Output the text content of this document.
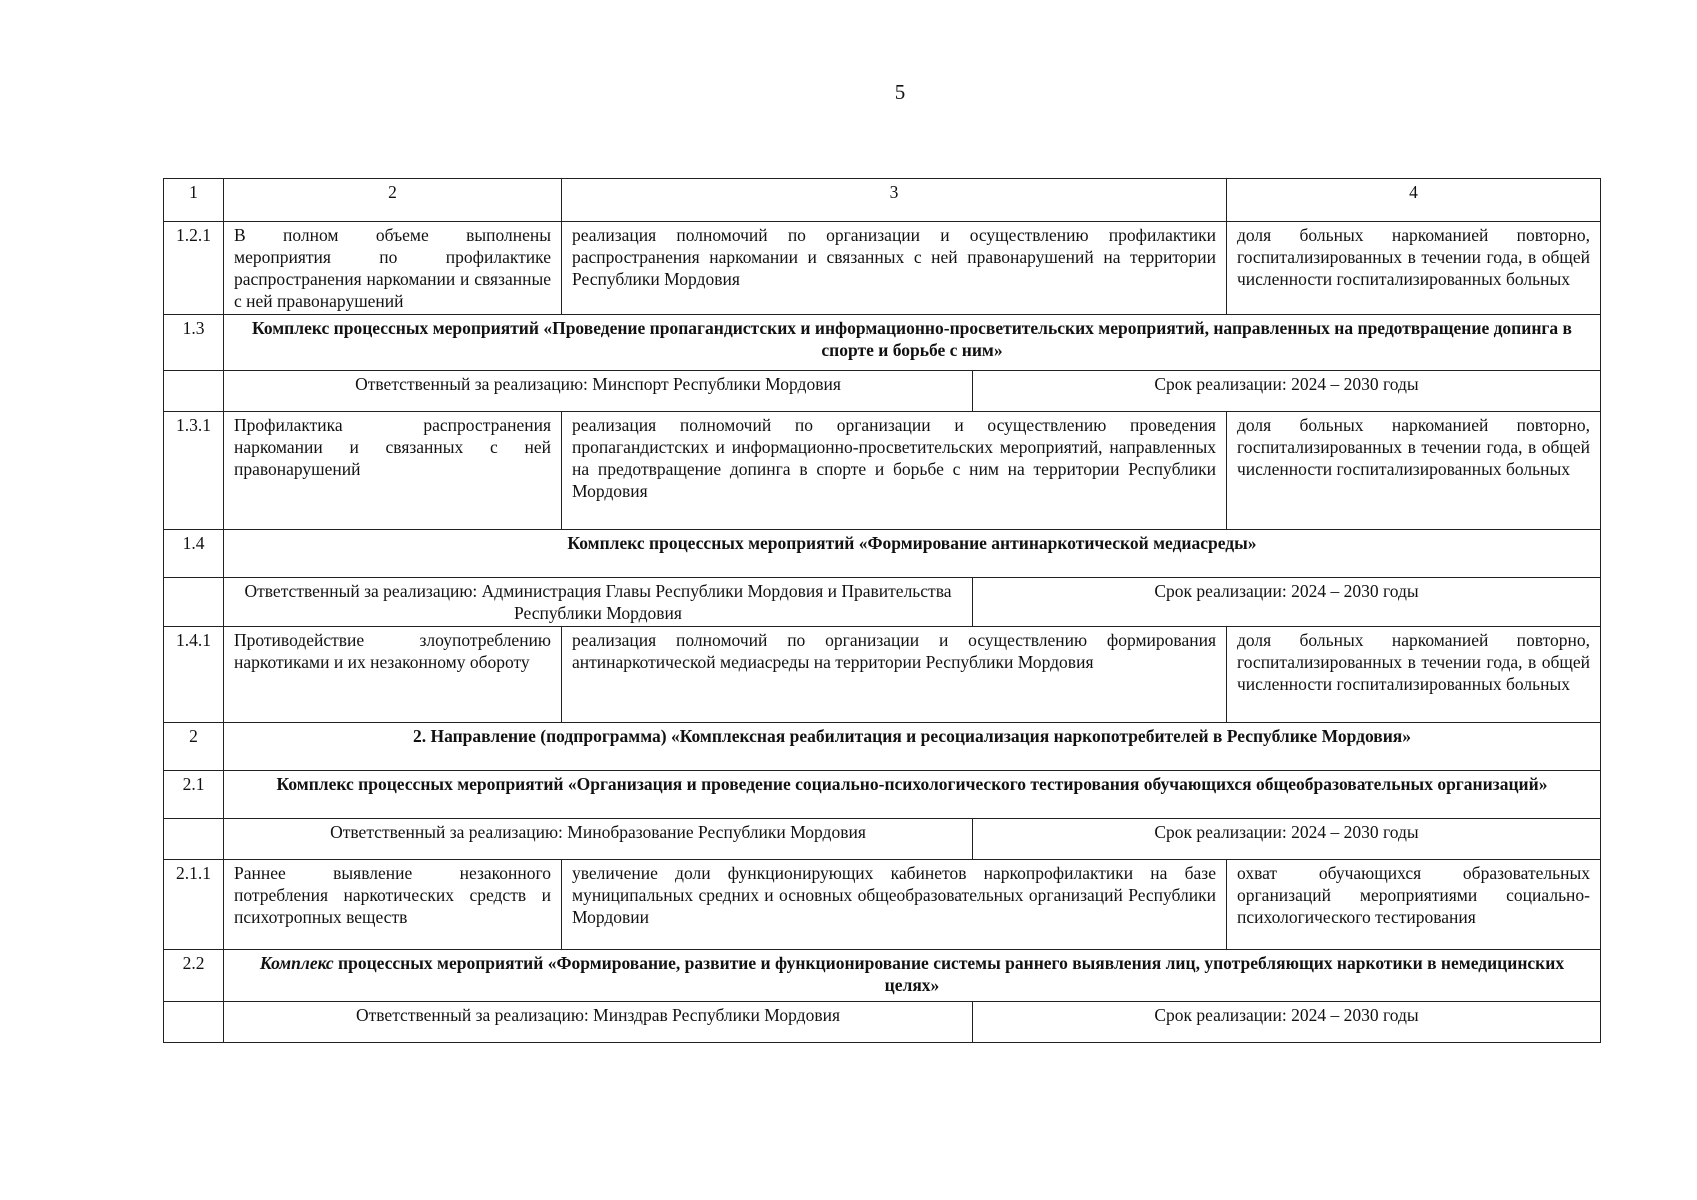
5
1	2	3		4
1.2.1	В полном объеме выполнены мероприятия по профилактике распространения наркомании и связанные с ней правонарушений	реализация полномочий по организации и осуществлению профилактики распространения наркомании и связанных с ней правонарушений на территории Республики Мордовия		доля больных наркоманией повторно, госпитализированных в течении года, в общей численности госпитализированных больных
1.3	Комплекс процессных мероприятий «Проведение пропагандистских и информационно-просветительских мероприятий, направленных на предотвращение допинга в спорте и борьбе с ним»			
	Ответственный за реализацию: Минспорт Республики Мордовия		Срок реализации: 2024 – 2030 годы	
1.3.1	Профилактика распространения наркомании и связанных с ней правонарушений	реализация полномочий по организации и осуществлению проведения пропагандистских и информационно-просветительских мероприятий, направленных на предотвращение допинга в спорте и борьбе с ним на территории Республики Мордовия		доля больных наркоманией повторно, госпитализированных в течении года, в общей численности госпитализированных больных
1.4	Комплекс процессных мероприятий «Формирование антинаркотической медиасреды»			
	Ответственный за реализацию: Администрация Главы Республики Мордовия и Правительства Республики Мордовия		Срок реализации: 2024 – 2030 годы	
1.4.1	Противодействие злоупотреблению наркотиками и их незаконному обороту	реализация полномочий по организации и осуществлению формирования антинаркотической медиасреды на территории Республики Мордовия		доля больных наркоманией повторно, госпитализированных в течении года, в общей численности госпитализированных больных
2	2. Направление (подпрограмма) «Комплексная реабилитация и ресоциализация наркопотребителей в Республике Мордовия»			
2.1	Комплекс процессных мероприятий «Организация и проведение социально-психологического тестирования обучающихся общеобразовательных организаций»			
	Ответственный за реализацию: Минобразование Республики Мордовия		Срок реализации: 2024 – 2030 годы	
2.1.1	Раннее выявление незаконного потребления наркотических средств и психотропных веществ	увеличение доли функционирующих кабинетов наркопрофилактики на базе муниципальных средних и основных общеобразовательных организаций Республики Мордовии		охват обучающихся образовательных организаций мероприятиями социально-психологического тестирования
2.2	Комплекс процессных мероприятий «Формирование, развитие и функционирование системы раннего выявления лиц, употребляющих наркотики в немедицинских целях»			
	Ответственный за реализацию: Минздрав Республики Мордовия		Срок реализации: 2024 – 2030 годы	
